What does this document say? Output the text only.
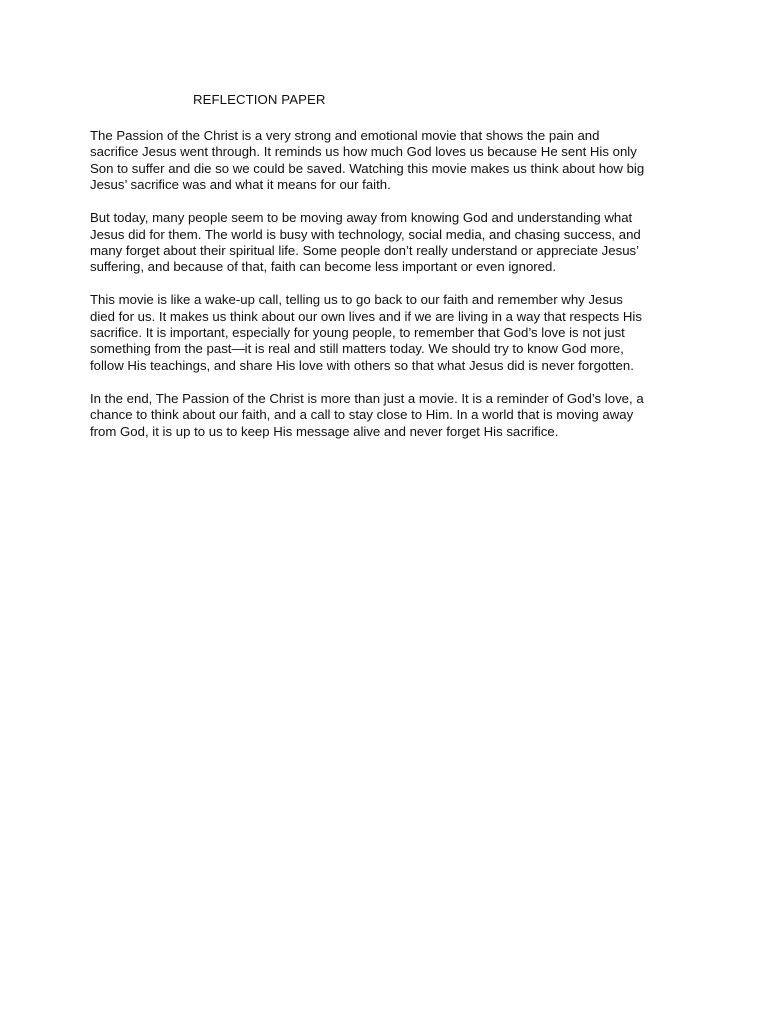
REFLECTION PAPER

The Passion of the Christ is a very strong and emotional movie that shows the pain and
sacrifice Jesus went through. It reminds us how much God loves us because He sent His only
Son to suffer and die so we could be saved. Watching this movie makes us think about how big
Jesus’ sacrifice was and what it means for our faith.

But today, many people seem to be moving away from knowing God and understanding what
Jesus did for them. The world is busy with technology, social media, and chasing success, and
many forget about their spiritual life. Some people don’t really understand or appreciate Jesus’
suffering, and because of that, faith can become less important or even ignored.

This movie is like a wake-up call, telling us to go back to our faith and remember why Jesus
died for us. It makes us think about our own lives and if we are living in a way that respects His
sacrifice. It is important, especially for young people, to remember that God’s love is not just
something from the past—it is real and still matters today. We should try to know God more,
follow His teachings, and share His love with others so that what Jesus did is never forgotten.

In the end, The Passion of the Christ is more than just a movie. It is a reminder of God’s love, a
chance to think about our faith, and a call to stay close to Him. In a world that is moving away
from God, it is up to us to keep His message alive and never forget His sacrifice.
